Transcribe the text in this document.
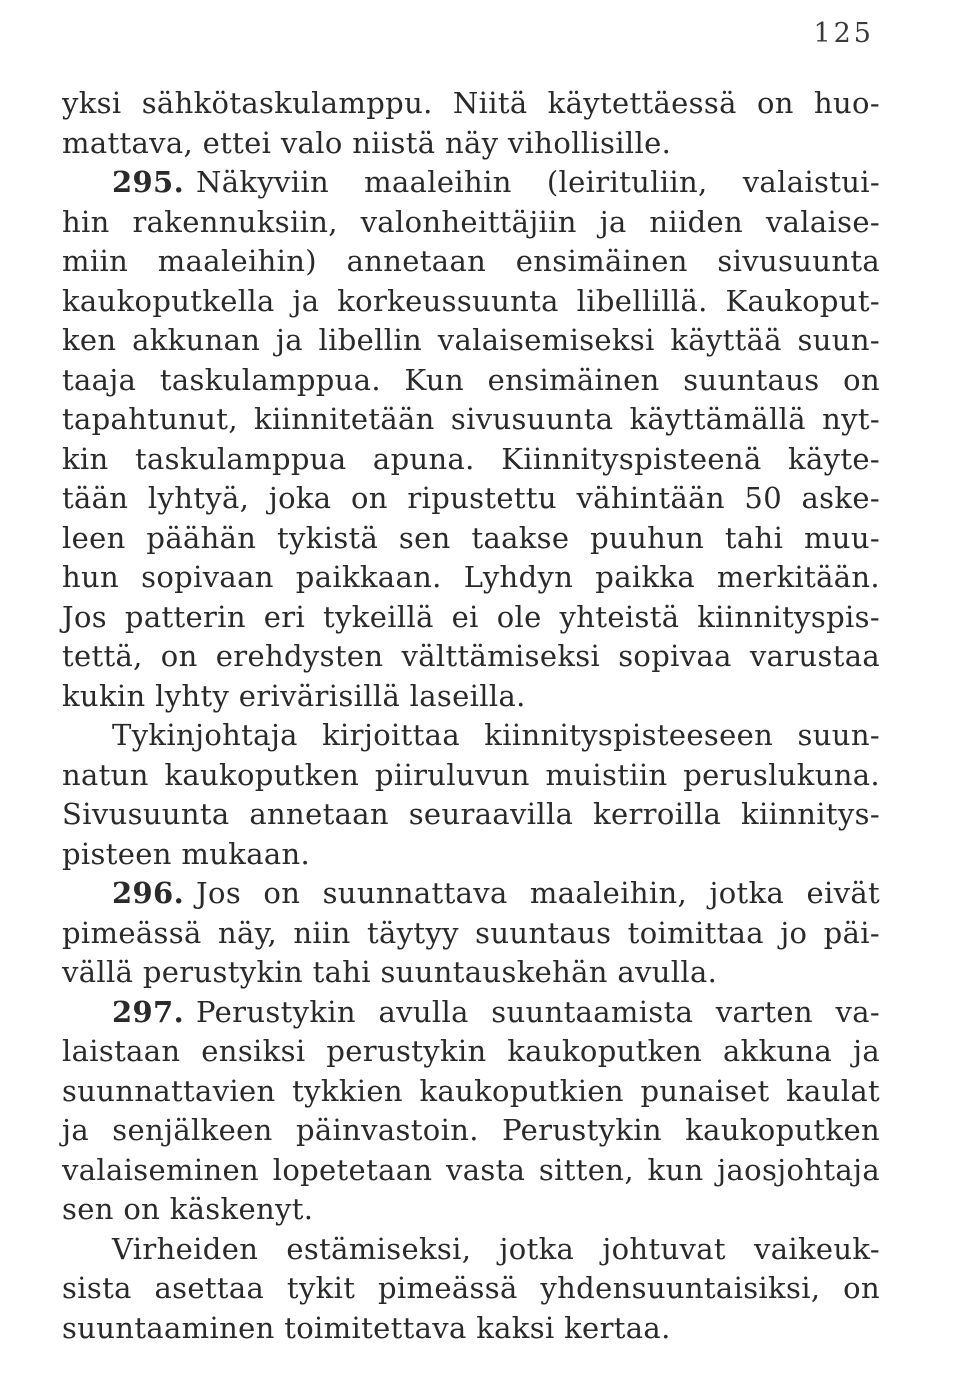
125
yksi sähkötaskulamppu. Niitä käytettäessä on huo-
mattava, ettei valo niistä näy vihollisille.
295. Näkyviin maaleihin (leirituliin, valaistui-
hin rakennuksiin, valonheittäjiin ja niiden valaise-
miin maaleihin) annetaan ensimäinen sivusuunta
kaukoputkella ja korkeussuunta libellillä. Kaukoput-
ken akkunan ja libellin valaisemiseksi käyttää suun-
taaja taskulamppua. Kun ensimäinen suuntaus on
tapahtunut, kiinnitetään sivusuunta käyttämällä nyt-
kin taskulamppua apuna. Kiinnityspisteenä käyte-
tään lyhtyä, joka on ripustettu vähintään 50 aske-
leen päähän tykistä sen taakse puuhun tahi muu-
hun sopivaan paikkaan. Lyhdyn paikka merkitään.
Jos patterin eri tykeillä ei ole yhteistä kiinnityspis-
tettä, on erehdysten välttämiseksi sopivaa varustaa
kukin lyhty erivärisillä laseilla.
Tykinjohtaja kirjoittaa kiinnityspisteeseen suun-
natun kaukoputken piiruluvun muistiin peruslukuna.
Sivusuunta annetaan seuraavilla kerroilla kiinnitys-
pisteen mukaan.
296. Jos on suunnattava maaleihin, jotka eivät
pimeässä näy, niin täytyy suuntaus toimittaa jo päi-
vällä perustykin tahi suuntauskehän avulla.
297. Perustykin avulla suuntaamista varten va-
laistaan ensiksi perustykin kaukoputken akkuna ja
suunnattavien tykkien kaukoputkien punaiset kaulat
ja senjälkeen päinvastoin. Perustykin kaukoputken
valaiseminen lopetetaan vasta sitten, kun jaosjohtaja
sen on käskenyt.
Virheiden estämiseksi, jotka johtuvat vaikeuk-
sista asettaa tykit pimeässä yhdensuuntaisiksi, on
suuntaaminen toimitettava kaksi kertaa.
